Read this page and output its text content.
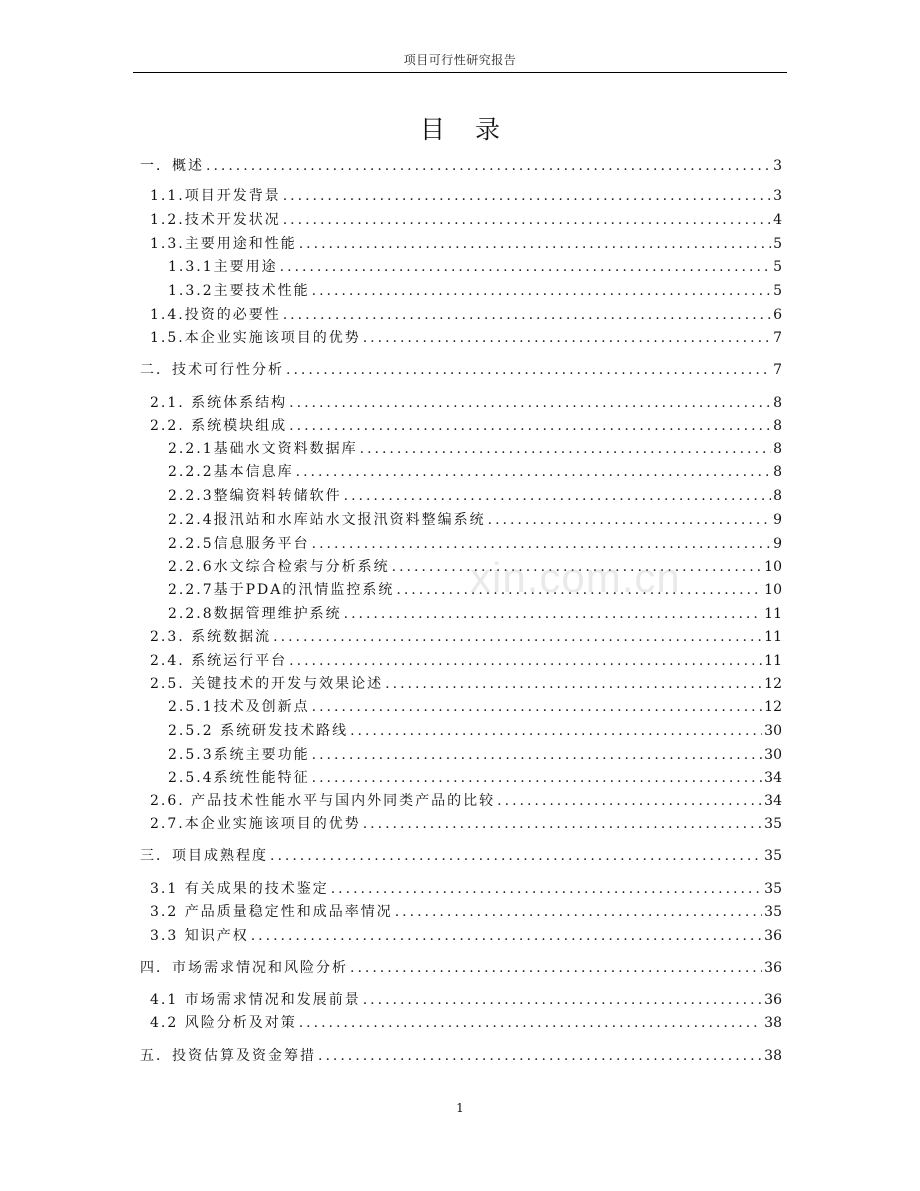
项目可行性研究报告
目录
一．概述 .....	3
1.1.项目开发背景 .....	3
1.2.技术开发状况 .....	4
1.3.主要用途和性能 .....	5
1.3.1主要用途 .....	5
1.3.2主要技术性能 .....	5
1.4.投资的必要性 .....	6
1.5.本企业实施该项目的优势 .....	7
二．技术可行性分析 .....	7
2.1. 系统体系结构 .....	8
2.2. 系统模块组成 .....	8
2.2.1基础水文资料数据库 .....	8
2.2.2基本信息库 .....	8
2.2.3整编资料转储软件 .....	8
2.2.4报汛站和水库站水文报汛资料整编系统 .....	9
2.2.5信息服务平台 .....	9
2.2.6水文综合检索与分析系统 .....	10
2.2.7基于PDA的汛情监控系统 .....	10
2.2.8数据管理维护系统 .....	11
2.3. 系统数据流 .....	11
2.4. 系统运行平台 .....	11
2.5. 关键技术的开发与效果论述 .....	12
2.5.1技术及创新点 .....	12
2.5.2 系统研发技术路线 .....	30
2.5.3系统主要功能 .....	30
2.5.4系统性能特征 .....	34
2.6. 产品技术性能水平与国内外同类产品的比较 .....	34
2.7.本企业实施该项目的优势 .....	35
三．项目成熟程度 .....	35
3.1 有关成果的技术鉴定 .....	35
3.2 产品质量稳定性和成品率情况 .....	35
3.3 知识产权 .....	36
四．市场需求情况和风险分析 .....	36
4.1 市场需求情况和发展前景 .....	36
4.2 风险分析及对策 .....	38
五．投资估算及资金筹措 .....	38
xin.com.cn
1
